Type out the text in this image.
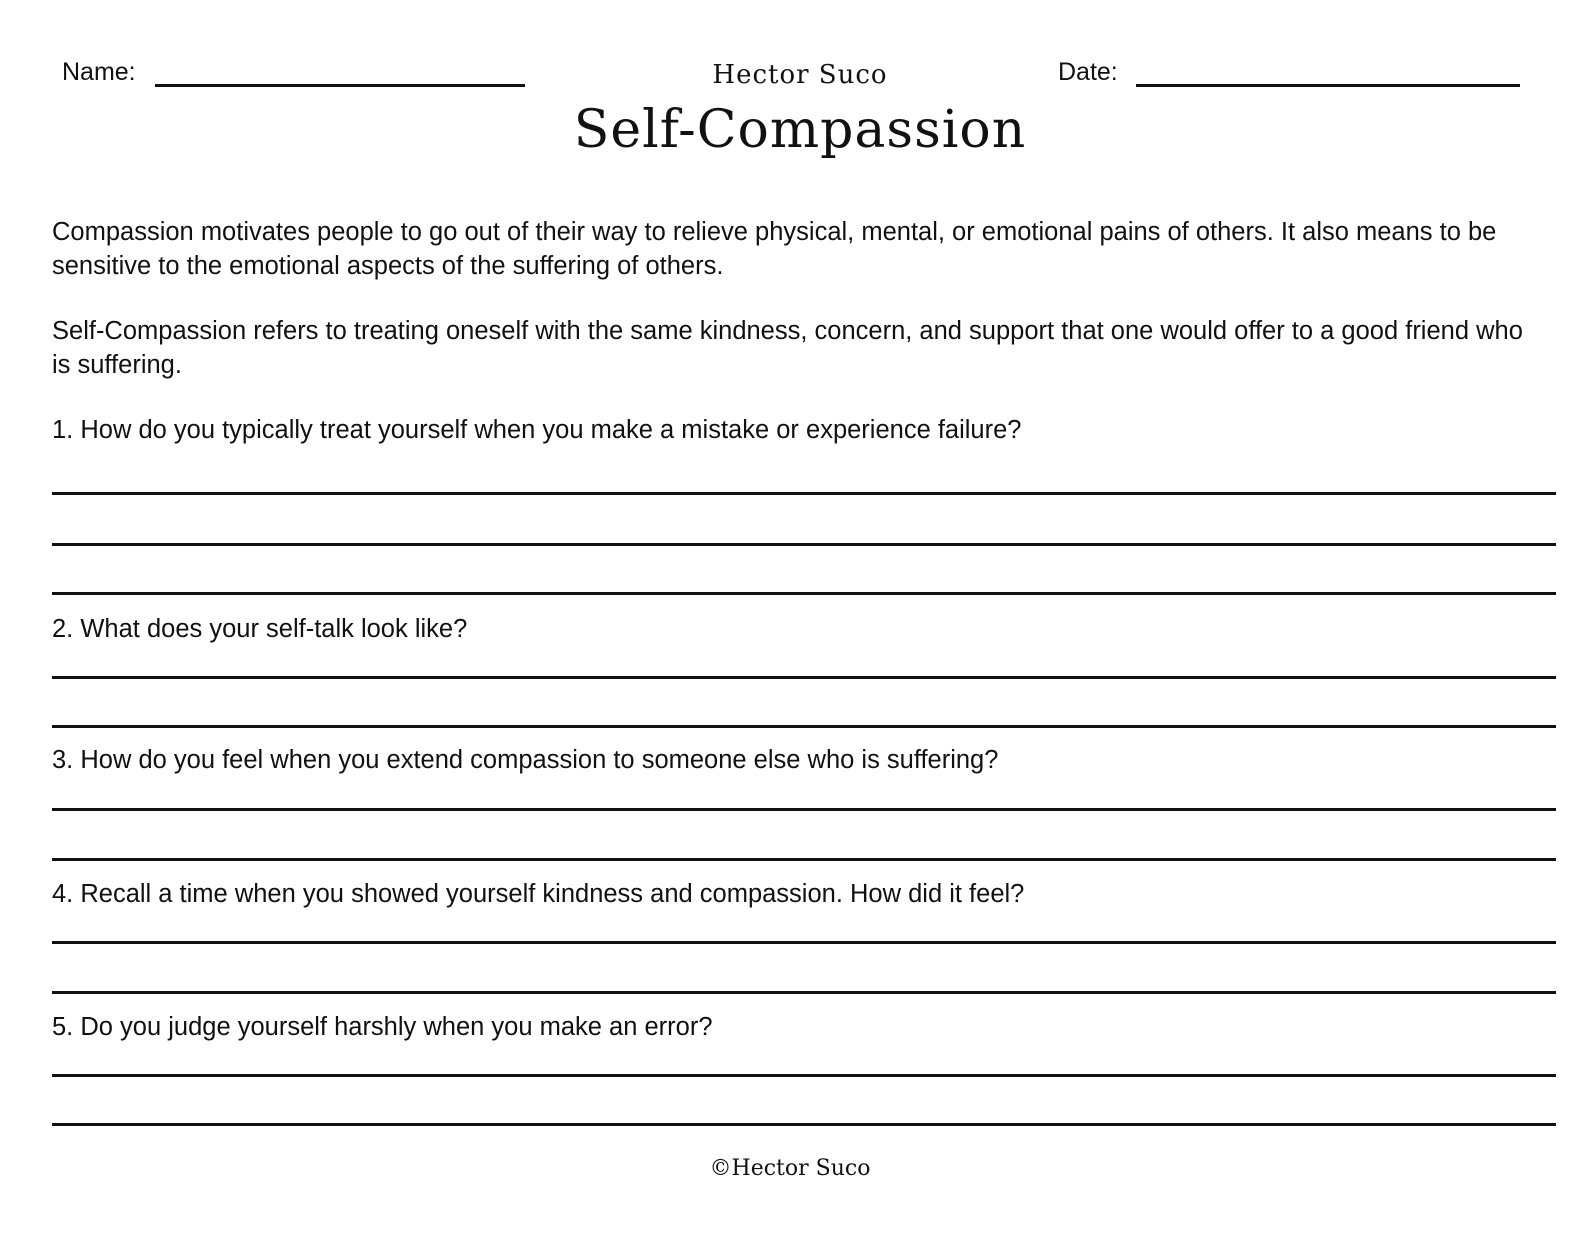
Name:	Hector Suco	Date:
Self-Compassion
Compassion motivates people to go out of their way to relieve physical, mental, or emotional pains of others. It also means to be sensitive to the emotional aspects of the suffering of others.
Self-Compassion refers to treating oneself with the same kindness, concern, and support that one would offer to a good friend who is suffering.
1. How do you typically treat yourself when you make a mistake or experience failure?
2. What does your self-talk look like?
3. How do you feel when you extend compassion to someone else who is suffering?
4. Recall a time when you showed yourself kindness and compassion. How did it feel?
5. Do you judge yourself harshly when you make an error?
©Hector Suco
